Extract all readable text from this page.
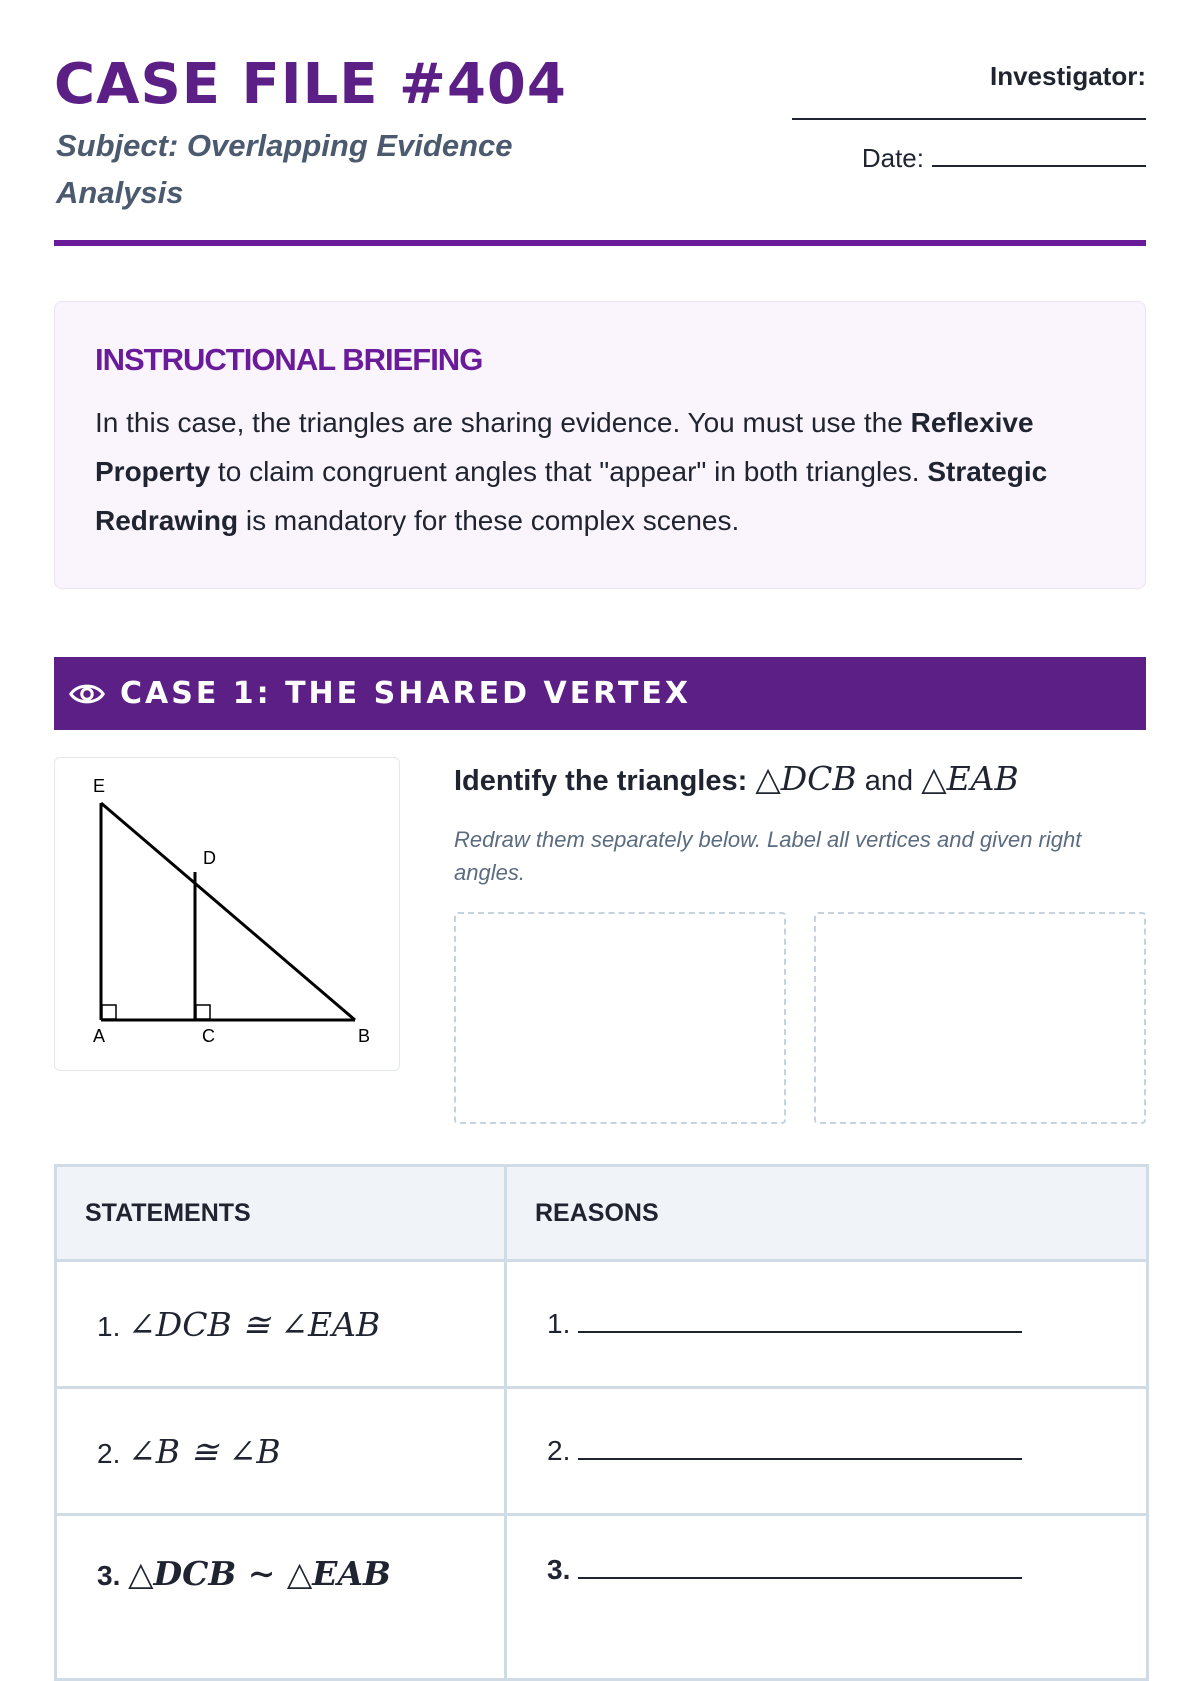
CASE FILE #404
Subject: Overlapping Evidence Analysis
Investigator:
Date:
INSTRUCTIONAL BRIEFING

In this case, the triangles are sharing evidence. You must use the Reflexive Property to claim congruent angles that "appear" in both triangles. Strategic Redrawing is mandatory for these complex scenes.

CASE 1: THE SHARED VERTEX
E
D
A	C	B
Identify the triangles: △DCB and △EAB
Redraw them separately below. Label all vertices and given right angles.
STATEMENTS	REASONS
1. ∠DCB ≅ ∠EAB	1.
2. ∠B ≅ ∠B	2.
3. △DCB ∼ △EAB	3.
